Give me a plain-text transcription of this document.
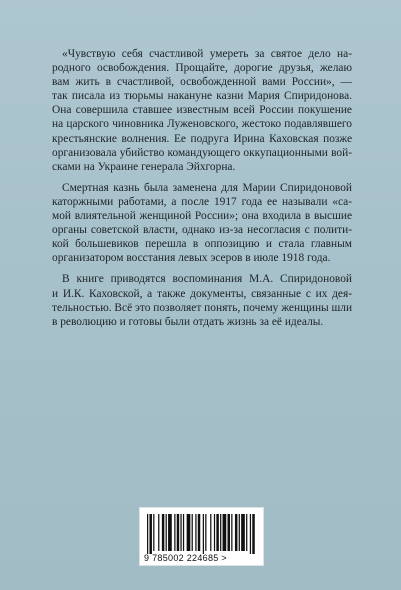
«Чувствую себя счастливой умереть за святое дело на-
родного освобождения. Прощайте, дорогие друзья, желаю
вам жить в счастливой, освобожденной вами России», —
так писала из тюрьмы накануне казни Мария Спиридонова.
Она совершила ставшее известным всей России покушение
на царского чиновника Луженовского, жестоко подавлявшего
крестьянские волнения. Ее подруга Ирина Каховская позже
организовала убийство командующего оккупационными вой-
сками на Украине генерала Эйхгорна.
Смертная казнь была заменена для Марии Спиридоновой
каторжными работами, а после 1917 года ее называли «са-
мой влиятельной женщиной России»; она входила в высшие
органы советской власти, однако из-за несогласия с полити-
кой большевиков перешла в оппозицию и стала главным
организатором восстания левых эсеров в июле 1918 года.
В книге приводятся воспоминания М.А. Спиридоновой
и И.К. Каховской, а также документы, связанные с их дея-
тельностью. Всё это позволяет понять, почему женщины шли
в революцию и готовы были отдать жизнь за её идеалы.
9 785002 224685 >
